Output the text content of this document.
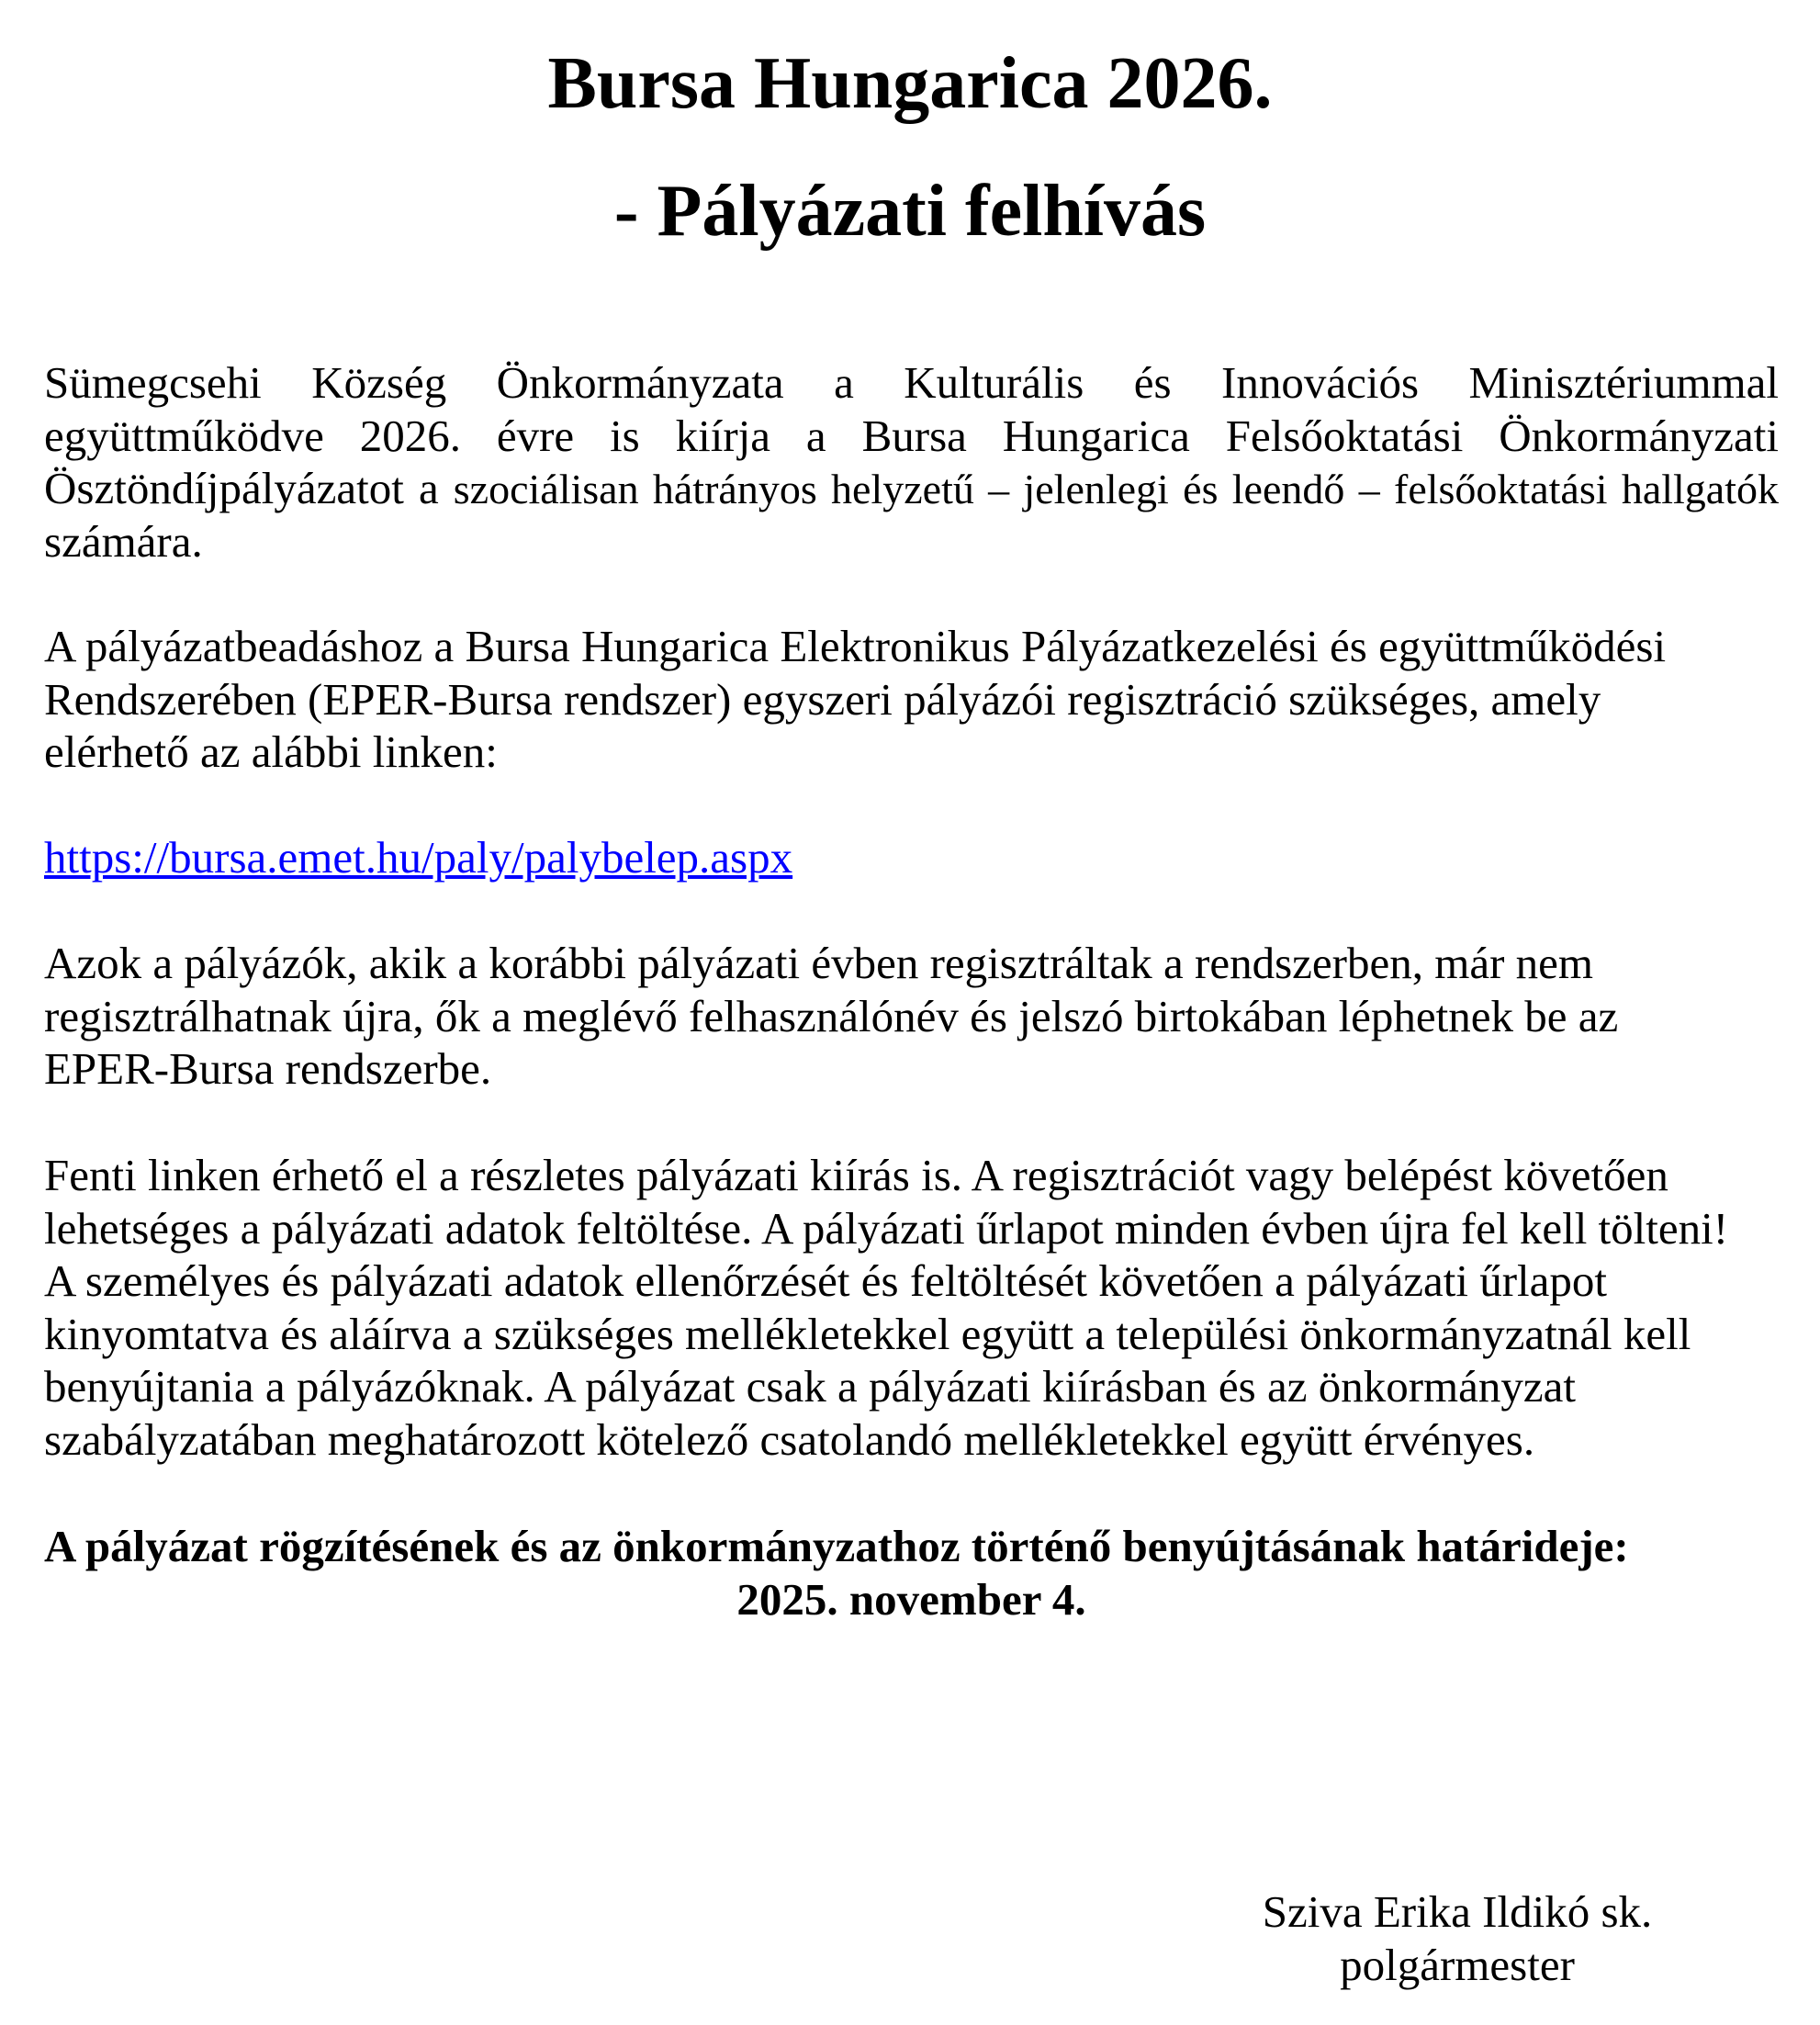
Bursa Hungarica 2026.
- Pályázati felhívás
Sümegcsehi Község Önkormányzata a Kulturális és Innovációs Minisztériummal
együttműködve 2026. évre is kiírja a Bursa Hungarica Felsőoktatási Önkormányzati
Ösztöndíjpályázatot a szociálisan hátrányos helyzetű – jelenlegi és leendő – felsőoktatási hallgatók
számára.
A pályázatbeadáshoz a Bursa Hungarica Elektronikus Pályázatkezelési és együttműködési
Rendszerében (EPER-Bursa rendszer) egyszeri pályázói regisztráció szükséges, amely
elérhető az alábbi linken:
https://bursa.emet.hu/paly/palybelep.aspx
Azok a pályázók, akik a korábbi pályázati évben regisztráltak a rendszerben, már nem
regisztrálhatnak újra, ők a meglévő felhasználónév és jelszó birtokában léphetnek be az
EPER-Bursa rendszerbe.
Fenti linken érhető el a részletes pályázati kiírás is. A regisztrációt vagy belépést követően
lehetséges a pályázati adatok feltöltése. A pályázati űrlapot minden évben újra fel kell tölteni!
A személyes és pályázati adatok ellenőrzését és feltöltését követően a pályázati űrlapot
kinyomtatva és aláírva a szükséges mellékletekkel együtt a települési önkormányzatnál kell
benyújtania a pályázóknak. A pályázat csak a pályázati kiírásban és az önkormányzat
szabályzatában meghatározott kötelező csatolandó mellékletekkel együtt érvényes.
A pályázat rögzítésének és az önkormányzathoz történő benyújtásának határideje:
2025. november 4.
Sziva Erika Ildikó sk.
polgármester
